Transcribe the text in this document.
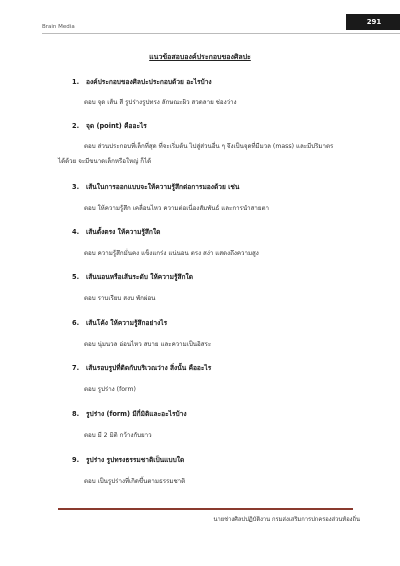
Brain Media
291
แนวข้อสอบองค์ประกอบของศิลปะ
1. องค์ประกอบของศิลปะประกอบด้วย อะไรบ้าง
ตอบ จุด เส้น สี รูปร่างรูปทรง ลักษณะผิว สวดลาย ช่องว่าง
2. จุด (point) คืออะไร
ตอบ ส่วนประกอบที่เล็กที่สุด ที่จะเริ่มต้น ไปสู่ส่วนอื่น ๆ จึงเป็นจุดที่มีมวล (mass) และมีปริมาตร
ได้ด้วย จะมีขนาดเล็กหรือใหญ่ ก็ได้
3. เส้นในการออกแบบจะให้ความรู้สึกต่อการมองด้วย เช่น
ตอบ ให้ความรู้สึก เคลื่อนไหว ความต่อเนื่องสัมพันธ์ และการนำสายตา
4. เส้นตั้งตรง ให้ความรู้สึกใด
ตอบ ความรู้สึกมั่นคง แข็งแกร่ง แน่นอน ตรง สง่า แสดงถึงความสูง
5. เส้นนอนหรือเส้นระดับ ให้ความรู้สึกใด
ตอบ ราบเรียบ สงบ พักผ่อน
6. เส้นโค้ง ให้ความรู้สึกอย่างไร
ตอบ นุ่มนวล อ่อนไหว สบาย และความเป็นอิสระ
7. เส้นรอบรูปที่ติดกับบริเวณว่าง สิ่งนั้น คืออะไร
ตอบ รูปร่าง (form)
8. รูปร่าง (form) มีกี่มิติและอะไรบ้าง
ตอบ มี 2 มิติ กว้างกับยาว
9. รูปร่าง รูปทรงธรรมชาติเป็นแบบใด
ตอบ เป็นรูปร่างที่เกิดขึ้นตามธรรมชาติ
นายช่างศิลปปฏิบัติงาน กรมส่งเสริมการปกครองส่วนท้องถิ่น
